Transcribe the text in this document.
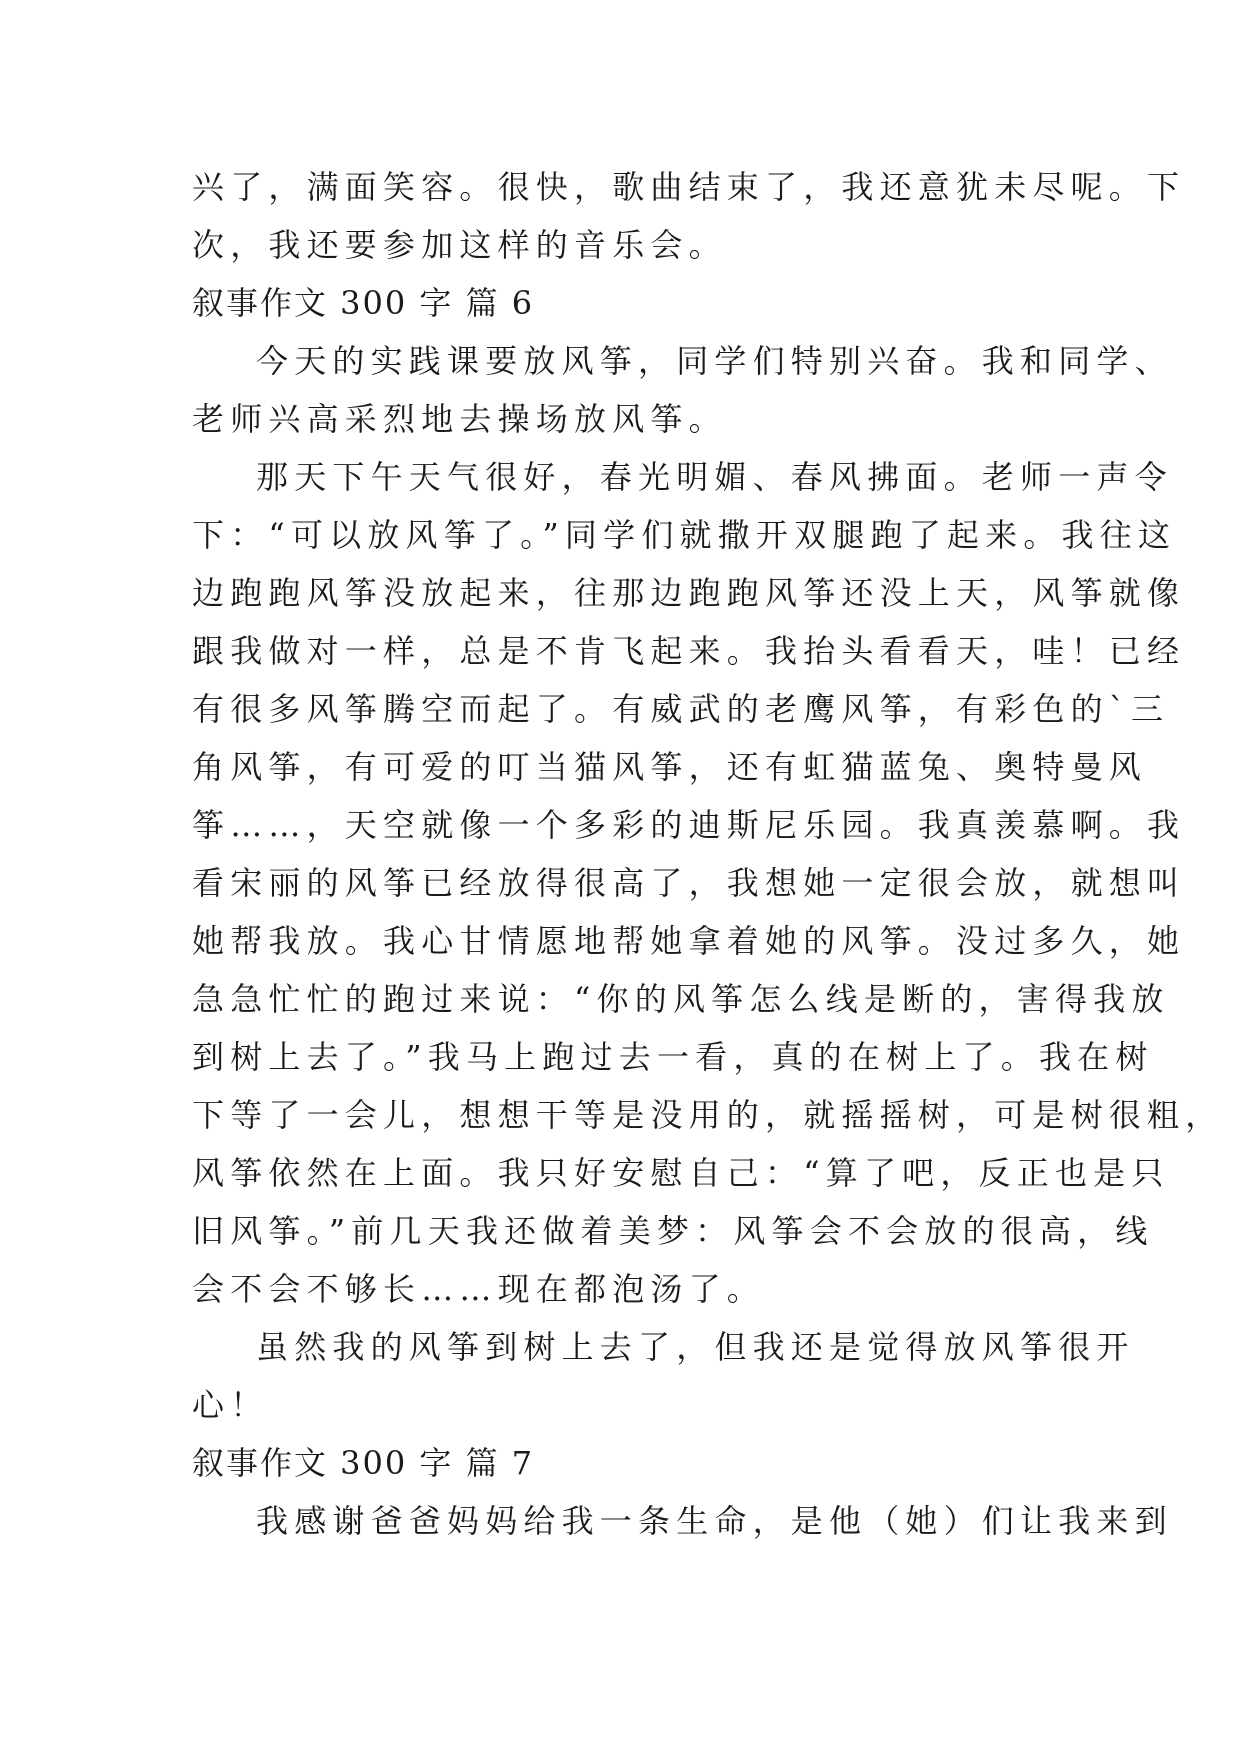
兴了，满面笑容。很快，歌曲结束了，我还意犹未尽呢。下
次，我还要参加这样的音乐会。
叙事作文 300 字 篇 6
今天的实践课要放风筝，同学们特别兴奋。我和同学、
老师兴高采烈地去操场放风筝。
那天下午天气很好，春光明媚、春风拂面。老师一声令
下：“可以放风筝了。”同学们就撒开双腿跑了起来。我往这
边跑跑风筝没放起来，往那边跑跑风筝还没上天，风筝就像
跟我做对一样，总是不肯飞起来。我抬头看看天，哇！已经
有很多风筝腾空而起了。有威武的老鹰风筝，有彩色的`三
角风筝，有可爱的叮当猫风筝，还有虹猫蓝兔、奥特曼风
筝……，天空就像一个多彩的迪斯尼乐园。我真羡慕啊。我
看宋丽的风筝已经放得很高了，我想她一定很会放，就想叫
她帮我放。我心甘情愿地帮她拿着她的风筝。没过多久，她
急急忙忙的跑过来说：“你的风筝怎么线是断的，害得我放
到树上去了。”我马上跑过去一看，真的在树上了。我在树
下等了一会儿，想想干等是没用的，就摇摇树，可是树很粗，
风筝依然在上面。我只好安慰自己：“算了吧，反正也是只
旧风筝。”前几天我还做着美梦：风筝会不会放的很高，线
会不会不够长……现在都泡汤了。
虽然我的风筝到树上去了，但我还是觉得放风筝很开
心！
叙事作文 300 字 篇 7
我感谢爸爸妈妈给我一条生命，是他（她）们让我来到
